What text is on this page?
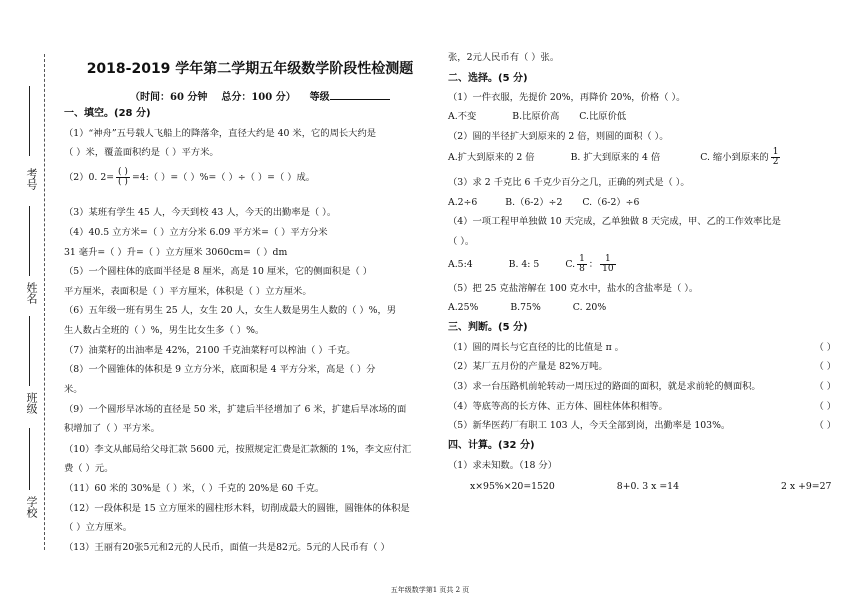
考号
姓名
班级
学校
2018-2019 学年第二学期五年级数学阶段性检测题
一、填空。(28 分)
（1）“神舟”五号载人飞船上的降落伞，直径大约是 40 米，它的周长大约是
（ ）米，覆盖面积约是（ ）平方米。
（2）0. $2= \frac{( )}{( )}$ =4:（ ）=（ ）%=（ ）÷（ ）=（ ）成。
（3）某班有学生 45 人，今天到校 43 人，今天的出勤率是（ ）。
（4）40.5 立方米=（ ）立方分米 6.09 平方米=（ ）平方分米
31 毫升=（ ）升=（ ）立方厘米 3060cm=（ ）dm
（5）一个圆柱体的底面半径是 8 厘米，高是 10 厘米，它的侧面积是（ ）
平方厘米，表面积是（ ）平方厘米，体积是（ ）立方厘米。
（6）五年级一班有男生 25 人，女生 20 人，女生人数是男生人数的（ ）%，男
生人数占全班的（ ）%，男生比女生多（ ）%。
（7）油菜籽的出油率是 42%，2100 千克油菜籽可以榨油（ ）千克。
（8）一个圆锥体的体积是 9 立方分米，底面积是 4 平方分米，高是（ ）分
米。
（9）一个圆形旱冰场的直径是 50 米，扩建后半径增加了 6 米，扩建后旱冰场的面
积增加了（ ）平方米。
（10）李文从邮局给父母汇款 5600 元，按照规定汇费是汇款额的 1%，李文应付汇
费（ ）元。
（11）60 米的 30%是（ ）米，（ ）千克的 20%是 60 千克。
（12）一段体积是 15 立方厘米的圆柱形木料，切削成最大的圆锥，圆锥体的体积是
（ ）立方厘米。
（13）王丽有20张5元和2元的人民币，面值一共是82元。5元的人民币有（ ）
（时间：60 分钟 总分：100 分） 等级
张，2元人民币有（ ）张。
二、选择。(5 分)
（1）一件衣服，先提价 20%，再降价 20%，价格（ ）。
A.不变	B.比原价高 C.比原价低
（2）圆的半径扩大到原来的 2 倍，则圆的面积（ ）。
A.扩大到原来的 2 倍	B. 扩大到原来的 4 倍	C. 缩小到原来的 $\frac{1}{2}$
（3）求 2 千克比 6 千克少百分之几，正确的列式是（ ）。
A.2÷6	B.（6-2）÷2 C.（6-2）÷6
（4）一项工程甲单独做 10 天完成，乙单独做 8 天完成，甲、乙的工作效率比是
（ ）。
A.5:4	B. 4: 5	C. $\frac{1}{8}$ ： $\frac{1}{10}$
（5）把 25 克盐溶解在 100 克水中，盐水的含盐率是（ ）。
A.25%	B.75%	C. 20%
三、判断。(5 分)
（1）圆的周长与它直径的比的比值是 π 。	（ ）
（2）某厂五月份的产量是 82%万吨。	（ ）
（3）求一台压路机前轮转动一周压过的路面的面积，就是求前轮的侧面积。	（ ）
（4）等底等高的长方体、正方体、圆柱体体积相等。	（ ）
（5）新华医药厂有职工 103 人，今天全部到岗，出勤率是 103%。	（ ）
四、计算。(32 分)
（1）求未知数。（18 分）
x×95%×20=1520	8+0. 3 x =14	2 x +9=27
五年级数学第1 页共 2 页
